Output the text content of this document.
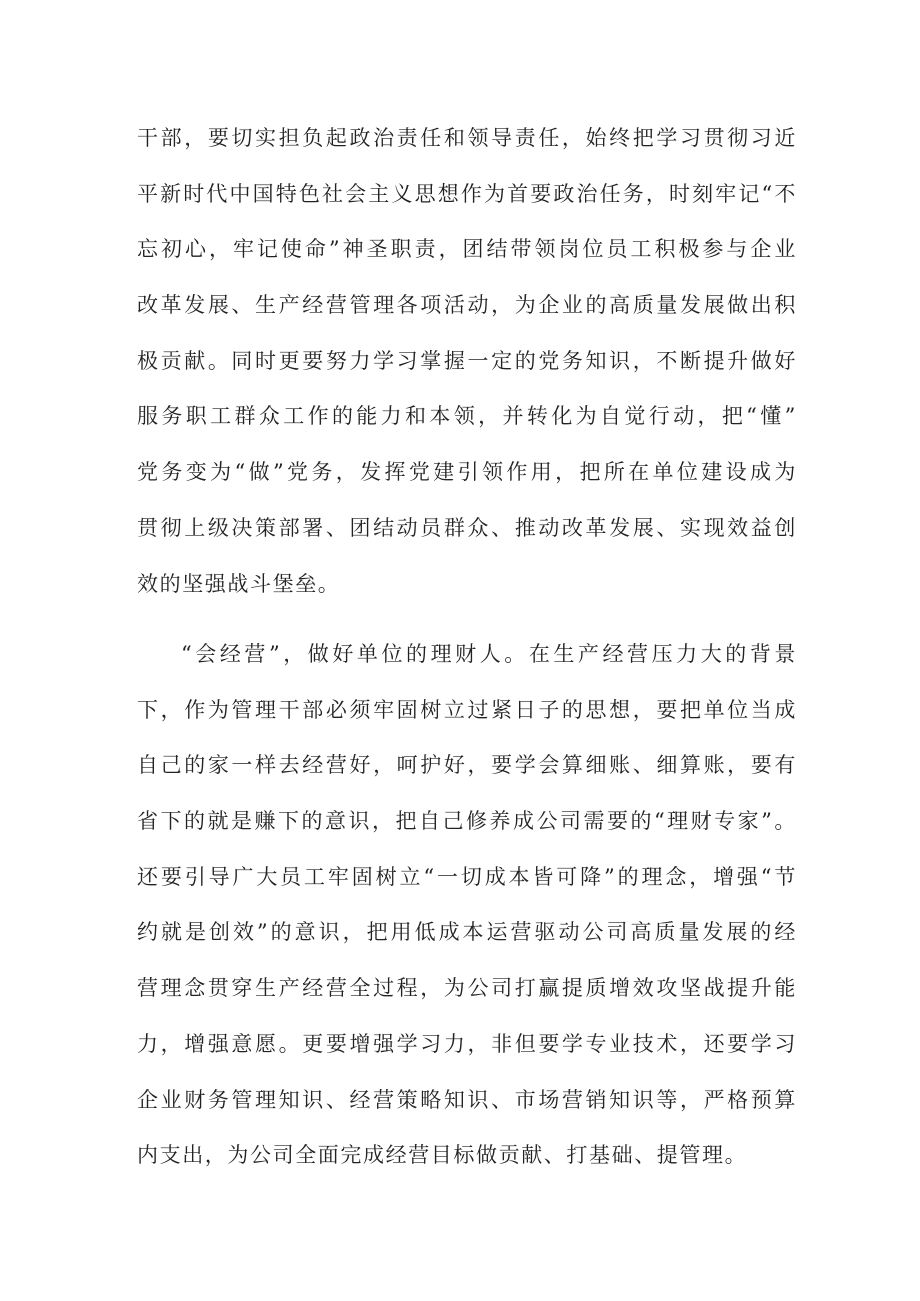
干部，要切实担负起政治责任和领导责任，始终把学习贯彻习近
平新时代中国特色社会主义思想作为首要政治任务，时刻牢记“不
忘初心，牢记使命”神圣职责，团结带领岗位员工积极参与企业
改革发展、生产经营管理各项活动，为企业的高质量发展做出积
极贡献。同时更要努力学习掌握一定的党务知识，不断提升做好
服务职工群众工作的能力和本领，并转化为自觉行动，把“懂”
党务变为“做”党务，发挥党建引领作用，把所在单位建设成为
贯彻上级决策部署、团结动员群众、推动改革发展、实现效益创
效的坚强战斗堡垒。
“会经营”，做好单位的理财人。在生产经营压力大的背景
下，作为管理干部必须牢固树立过紧日子的思想，要把单位当成
自己的家一样去经营好，呵护好，要学会算细账、细算账，要有
省下的就是赚下的意识，把自己修养成公司需要的“理财专家”。
还要引导广大员工牢固树立“一切成本皆可降”的理念，增强“节
约就是创效”的意识，把用低成本运营驱动公司高质量发展的经
营理念贯穿生产经营全过程，为公司打赢提质增效攻坚战提升能
力，增强意愿。更要增强学习力，非但要学专业技术，还要学习
企业财务管理知识、经营策略知识、市场营销知识等，严格预算
内支出，为公司全面完成经营目标做贡献、打基础、提管理。
